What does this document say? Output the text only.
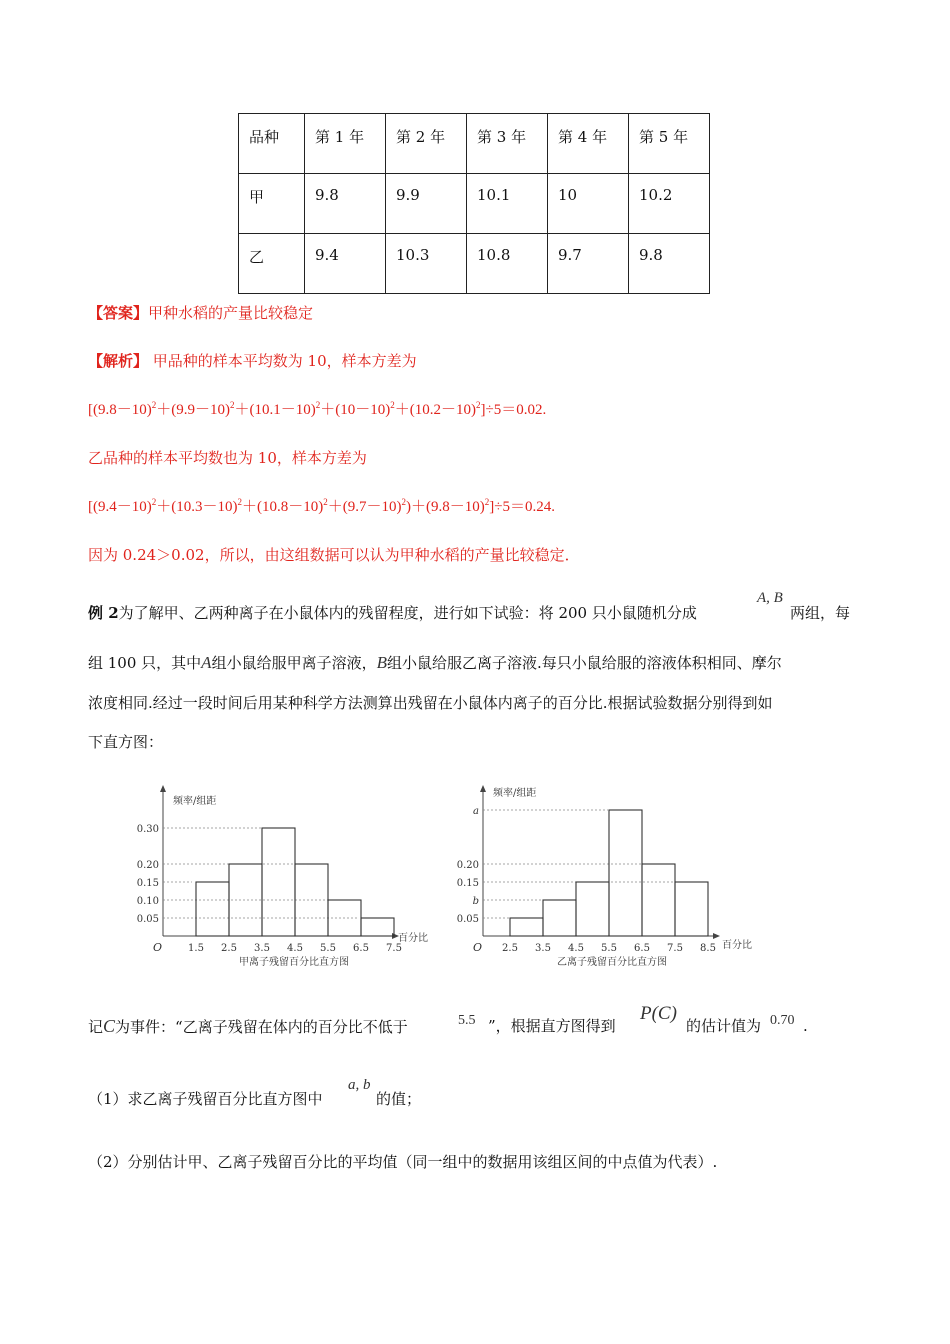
品种	第 1 年	第 2 年	第 3 年	第 4 年	第 5 年
甲	9.8	9.9	10.1	10	10.2
乙	9.4	10.3	10.8	9.7	9.8
【答案】甲种水稻的产量比较稳定
【解析】 甲品种的样本平均数为 10，样本方差为
$[(9.8-10)^2+(9.9-10)^2+(10.1-10)^2+(10-10)^2+(10.2-10)^2]\div 5=0.02$.
乙品种的样本平均数也为 10，样本方差为
$[(9.4-10)^2+(10.3-10)^2+(10.8-10)^2+(9.7-10)^2)+(9.8-10)^2]\div 5=0.24$.
因为 0.24＞0.02，所以，由这组数据可以认为甲种水稻的产量比较稳定．
例 2为了解甲、乙两种离子在小鼠体内的残留程度，进行如下试验：将 200 只小鼠随机分成
A, B
两组，每
组 100 只，其中A组小鼠给服甲离子溶液，B组小鼠给服乙离子溶液.每只小鼠给服的溶液体积相同、摩尔
浓度相同.经过一段时间后用某种科学方法测算出残留在小鼠体内离子的百分比.根据试验数据分别得到如
下直方图：
0.05
0.10
0.15
0.20
0.30
1.5 2.5 3.5 4.5 5.5 6.5 7.5
O
频率/组距
百分比
甲离子残留百分比直方图
0.05
b
0.15
0.20
a
2.5 3.5 4.5 5.5 6.5 7.5 8.5
O
频率/组距
百分比
乙离子残留百分比直方图
记C为事件：“乙离子残留在体内的百分比不低于	5.5 ”，根据直方图得到
P(C)
的估计值为 0.70 .
（1）求乙离子残留百分比直方图中
a, b
的值；
（2）分别估计甲、乙离子残留百分比的平均值（同一组中的数据用该组区间的中点值为代表）.
